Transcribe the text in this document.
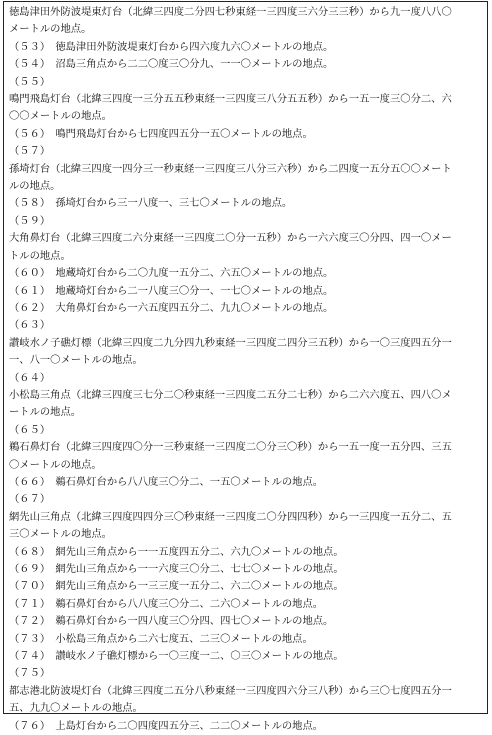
徳島津田外防波堤東灯台（北緯三四度二分四七秒東経一三四度三六分三三秒）から九一度八八〇
メートルの地点。
（５３）　徳島津田外防波堤東灯台から四六度九六〇メートルの地点。
（５４）　沼島三角点から二二〇度三〇分九、一一〇メートルの地点。
（５５）
鳴門飛島灯台（北緯三四度一三分五五秒東経一三四度三八分五五秒）から一五一度三〇分二、六
〇〇メートルの地点。
（５６）　鳴門飛島灯台から七四度四五分一五〇メートルの地点。
（５７）
孫埼灯台（北緯三四度一四分三一秒東経一三四度三八分三六秒）から二四度一五分五〇〇メート
ルの地点。
（５８）　孫埼灯台から三一八度一、三七〇メートルの地点。
（５９）
大角鼻灯台（北緯三四度二六分東経一三四度二〇分一五秒）から一六六度三〇分四、四一〇メー
トルの地点。
（６０）　地蔵埼灯台から二〇九度一五分二、六五〇メートルの地点。
（６１）　地蔵埼灯台から二一八度三〇分一、一七〇メートルの地点。
（６２）　大角鼻灯台から一六五度四五分二、九九〇メートルの地点。
（６３）
讃岐水ノ子礁灯標（北緯三四度二九分四九秒東経一三四度二四分三五秒）から一〇三度四五分一
一、八一〇メートルの地点。
（６４）
小松島三角点（北緯三四度三七分二〇秒東経一三四度二五分二七秒）から二六六度五、四八〇メ
ートルの地点。
（６５）
鵜石鼻灯台（北緯三四度四〇分一三秒東経一三四度二〇分三〇秒）から一五一度一五分四、三五
〇メートルの地点。
（６６）　鵜石鼻灯台から八八度三〇分二、一五〇メートルの地点。
（６７）
網先山三角点（北緯三四度四四分三〇秒東経一三四度二〇分四四秒）から一三四度一五分二、五
三〇メートルの地点。
（６８）　網先山三角点から一一五度四五分二、六九〇メートルの地点。
（６９）　網先山三角点から一一六度三〇分二、七七〇メートルの地点。
（７０）　網先山三角点から一三三度一五分二、六二〇メートルの地点。
（７１）　鵜石鼻灯台から八八度三〇分二、二六〇メートルの地点。
（７２）　鵜石鼻灯台から一四八度三〇分四、四七〇メートルの地点。
（７３）　小松島三角点から二六七度五、二三〇メートルの地点。
（７４）　讃岐水ノ子礁灯標から一〇三度一二、〇三〇メートルの地点。
（７５）
都志港北防波堤灯台（北緯三四度二五分八秒東経一三四度四六分三八秒）から三〇七度四五分一
五、九九〇メートルの地点。
（７６）　上島灯台から二〇四度四五分三、二二〇メートルの地点。
